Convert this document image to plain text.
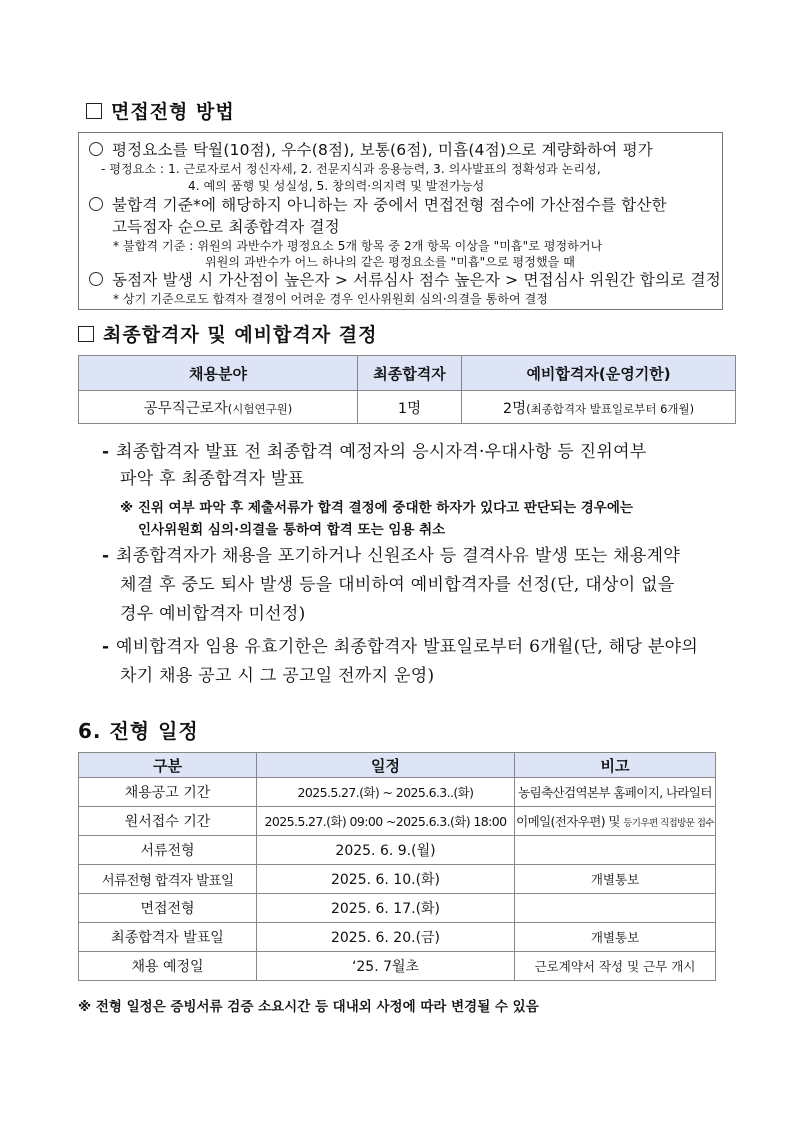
면접전형 방법
평정요소를 탁월(10점), 우수(8점), 보통(6점), 미흡(4점)으로 계량화하여 평가
- 평정요소 : 1. 근로자로서 정신자세, 2. 전문지식과 응용능력, 3. 의사발표의 정확성과 논리성,
4. 예의 품행 및 성실성, 5. 창의력·의지력 및 발전가능성
불합격 기준*에 해당하지 아니하는 자 중에서 면접전형 점수에 가산점수를 합산한
고득점자 순으로 최종합격자 결정
* 불합격 기준 : 위원의 과반수가 평정요소 5개 항목 중 2개 항목 이상을 "미흡"로 평정하거나
위원의 과반수가 어느 하나의 같은 평정요소를 "미흡"으로 평정했을 때
동점자 발생 시 가산점이 높은자 > 서류심사 점수 높은자 > 면접심사 위원간 합의로 결정
* 상기 기준으로도 합격자 결정이 어려운 경우 인사위원회 심의·의결을 통하여 결정
최종합격자 및 예비합격자 결정
채용분야	최종합격자	예비합격자(운영기한)
공무직근로자(시험연구원)	1명	2명(최종합격자 발표일로부터 6개월)
- 최종합격자 발표 전 최종합격 예정자의 응시자격·우대사항 등 진위여부
파악 후 최종합격자 발표
※ 진위 여부 파악 후 제출서류가 합격 결정에 중대한 하자가 있다고 판단되는 경우에는
인사위원회 심의·의결을 통하여 합격 또는 임용 취소
- 최종합격자가 채용을 포기하거나 신원조사 등 결격사유 발생 또는 채용계약
체결 후 중도 퇴사 발생 등을 대비하여 예비합격자를 선정(단, 대상이 없을
경우 예비합격자 미선정)
- 예비합격자 임용 유효기한은 최종합격자 발표일로부터 6개월(단, 해당 분야의
차기 채용 공고 시 그 공고일 전까지 운영)
6. 전형 일정
구분	일정	비고
채용공고 기간	2025.5.27.(화) ~ 2025.6.3..(화)	농림축산검역본부 홈페이지, 나라일터
원서접수 기간	2025.5.27.(화) 09:00 ~2025.6.3.(화) 18:00	이메일(전자우편) 및 등기우편 직접방문 접수
서류전형	2025. 6. 9.(월)	
서류전형 합격자 발표일	2025. 6. 10.(화)	개별통보
면접전형	2025. 6. 17.(화)	
최종합격자 발표일	2025. 6. 20.(금)	개별통보
채용 예정일	‘25. 7월초	근로계약서 작성 및 근무 개시
※ 전형 일정은 증빙서류 검증 소요시간 등 대내외 사정에 따라 변경될 수 있음
